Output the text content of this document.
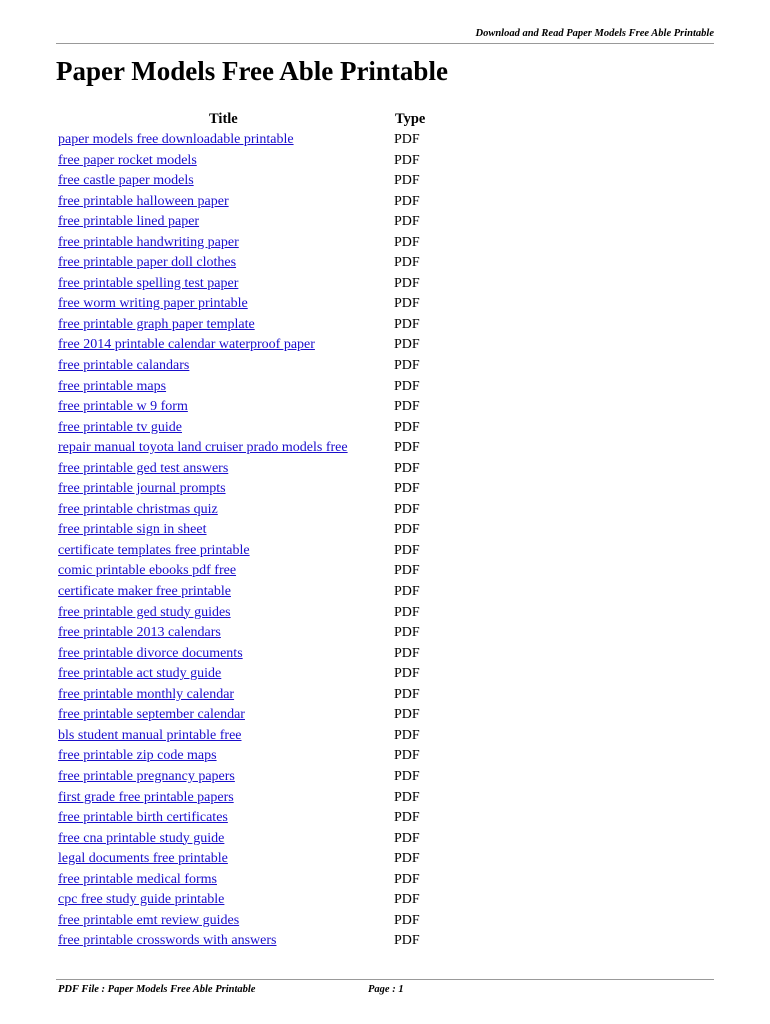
Download and Read Paper Models Free Able Printable
Paper Models Free Able Printable
Title	Type
paper models free downloadable printable	PDF
free paper rocket models	PDF
free castle paper models	PDF
free printable halloween paper	PDF
free printable lined paper	PDF
free printable handwriting paper	PDF
free printable paper doll clothes	PDF
free printable spelling test paper	PDF
free worm writing paper printable	PDF
free printable graph paper template	PDF
free 2014 printable calendar waterproof paper	PDF
free printable calandars	PDF
free printable maps	PDF
free printable w 9 form	PDF
free printable tv guide	PDF
repair manual toyota land cruiser prado models free	PDF
free printable ged test answers	PDF
free printable journal prompts	PDF
free printable christmas quiz	PDF
free printable sign in sheet	PDF
certificate templates free printable	PDF
comic printable ebooks pdf free	PDF
certificate maker free printable	PDF
free printable ged study guides	PDF
free printable 2013 calendars	PDF
free printable divorce documents	PDF
free printable act study guide	PDF
free printable monthly calendar	PDF
free printable september calendar	PDF
bls student manual printable free	PDF
free printable zip code maps	PDF
free printable pregnancy papers	PDF
first grade free printable papers	PDF
free printable birth certificates	PDF
free cna printable study guide	PDF
legal documents free printable	PDF
free printable medical forms	PDF
cpc free study guide printable	PDF
free printable emt review guides	PDF
free printable crosswords with answers	PDF
PDF File : Paper Models Free Able Printable	Page : 1
